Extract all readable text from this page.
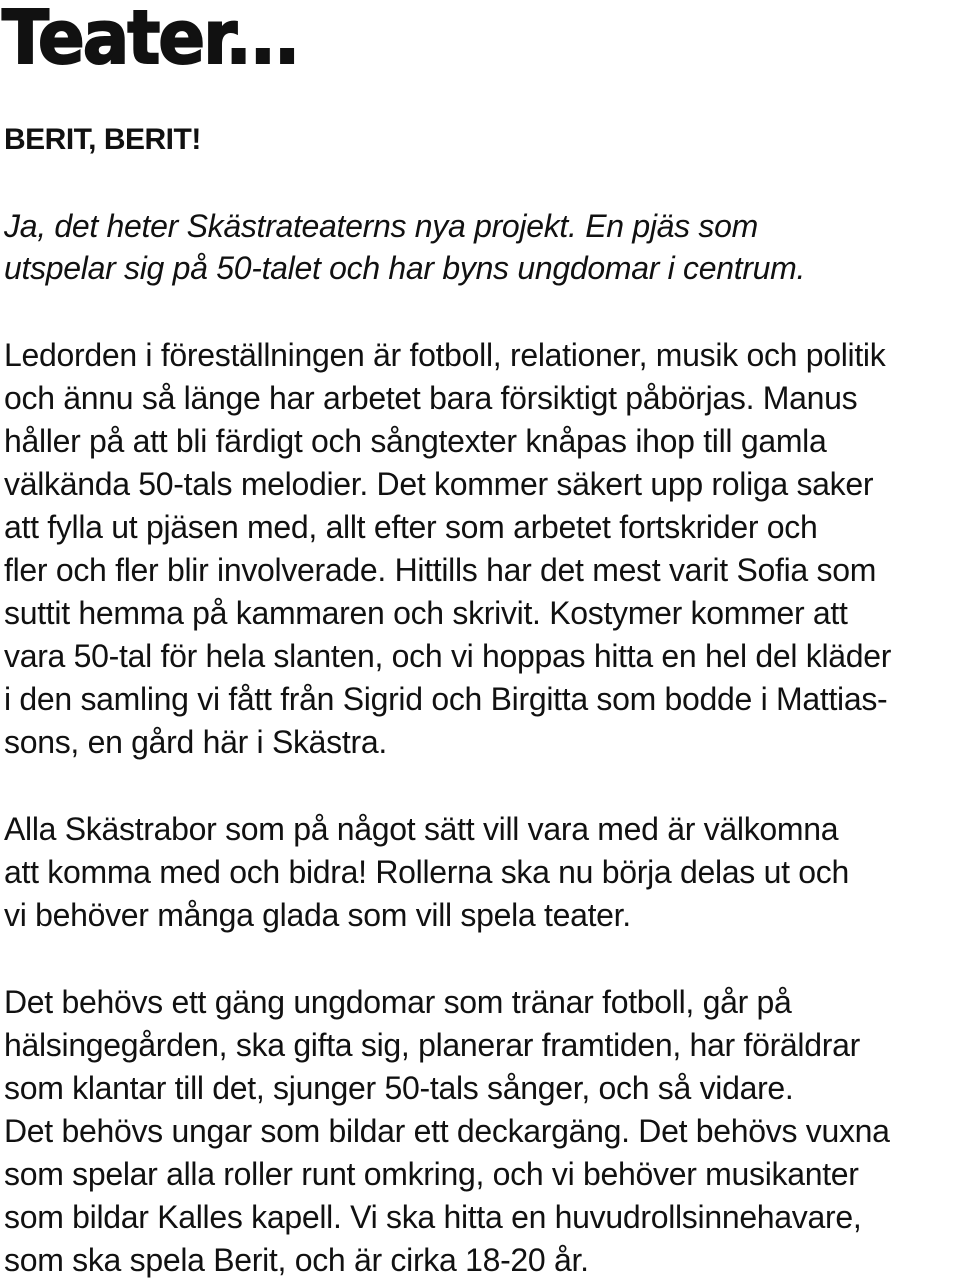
Teater...
BERIT, BERIT!
Ja, det heter Skästrateaterns nya projekt. En pjäs som
utspelar sig på 50-talet och har byns ungdomar i centrum.
Ledorden i föreställningen är fotboll, relationer, musik och politik
och ännu så länge har arbetet bara försiktigt påbörjas. Manus
håller på att bli färdigt och sångtexter knåpas ihop till gamla
välkända 50-tals melodier. Det kommer säkert upp roliga saker
att fylla ut pjäsen med, allt efter som arbetet fortskrider och
fler och fler blir involverade. Hittills har det mest varit Sofia som
suttit hemma på kammaren och skrivit. Kostymer kommer att
vara 50-tal för hela slanten, och vi hoppas hitta en hel del kläder
i den samling vi fått från Sigrid och Birgitta som bodde i Mattias-
sons, en gård här i Skästra.
Alla Skästrabor som på något sätt vill vara med är välkomna
att komma med och bidra! Rollerna ska nu börja delas ut och
vi behöver många glada som vill spela teater.
Det behövs ett gäng ungdomar som tränar fotboll, går på
hälsingegården, ska gifta sig, planerar framtiden, har föräldrar
som klantar till det, sjunger 50-tals sånger, och så vidare.
Det behövs ungar som bildar ett deckargäng. Det behövs vuxna
som spelar alla roller runt omkring, och vi behöver musikanter
som bildar Kalles kapell. Vi ska hitta en huvudrollsinnehavare,
som ska spela Berit, och är cirka 18-20 år.
